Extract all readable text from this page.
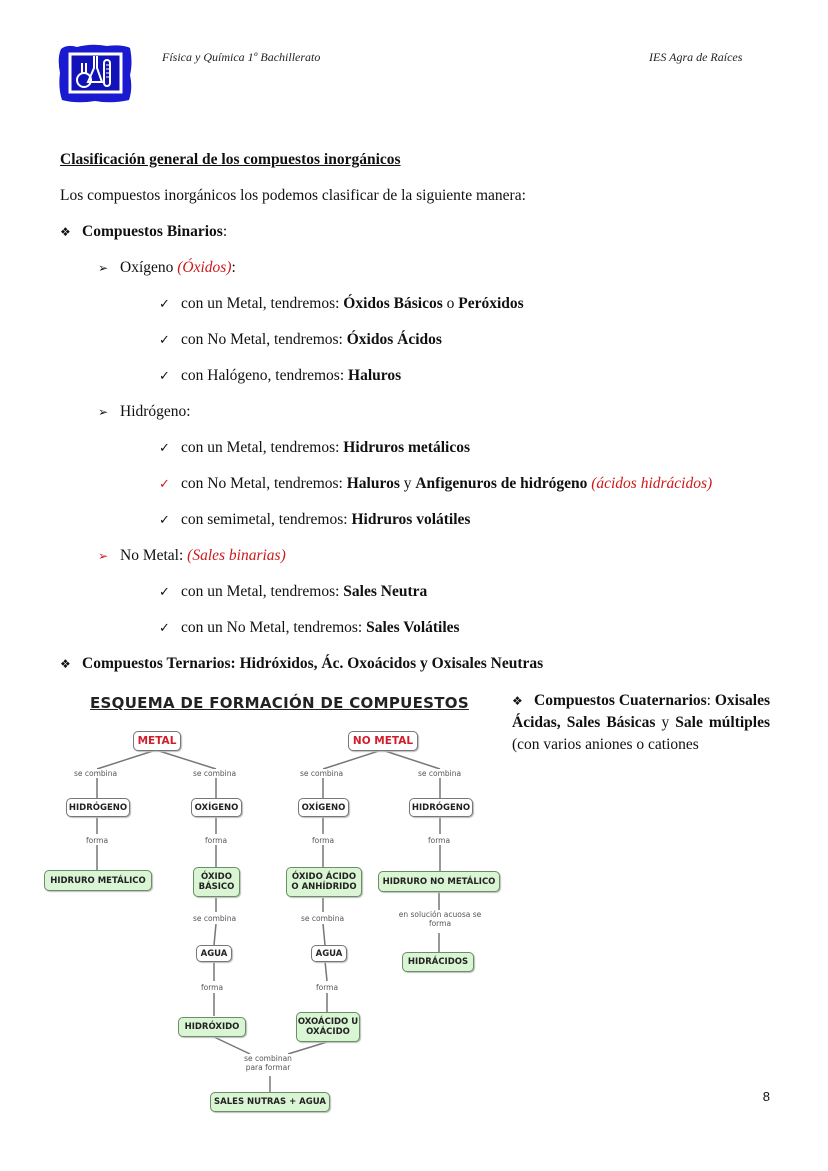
Física y Química 1º Bachillerato	IES Agra de Raíces
Clasificación general de los compuestos inorgánicos
Los compuestos inorgánicos los podemos clasificar de la siguiente manera:
❖ Compuestos Binarios:
➢ Oxígeno (Óxidos):
✓ con un Metal, tendremos: Óxidos Básicos o Peróxidos
✓ con No Metal, tendremos: Óxidos Ácidos
✓ con Halógeno, tendremos: Haluros
➢ Hidrógeno:
✓ con un Metal, tendremos: Hidruros metálicos
✓ con No Metal, tendremos: Haluros y Anfigenuros de hidrógeno (ácidos hidrácidos)
✓ con semimetal, tendremos: Hidruros volátiles
➢ No Metal: (Sales binarias)
✓ con un Metal, tendremos: Sales Neutra
✓ con un No Metal, tendremos: Sales Volátiles
❖ Compuestos Ternarios: Hidróxidos, Ác. Oxoácidos y Oxisales Neutras
❖ Compuestos Cuaternarios: Oxisales Ácidas, Sales Básicas y Sale múltiples (con varios aniones o cationes
ESQUEMA DE FORMACIÓN DE COMPUESTOS
METAL	NO METAL
se combina	se combina	se combina	se combina
HIDRÓGENO	OXÍGENO	OXÍGENO	HIDRÓGENO
forma	forma	forma	forma
HIDRURO METÁLICO	ÓXIDO BÁSICO
ÓXIDO ÁCIDO O ANHÍDRIDO
HIDRURO NO METÁLICO
se combina	se combina	en solución acuosa se forma
AGUA	AGUA
HIDRÁCIDOS
forma	forma
HIDRÓXIDO	OXOÁCIDO U OXÁCIDO
se combinan para formar
SALES NUTRAS + AGUA	8
